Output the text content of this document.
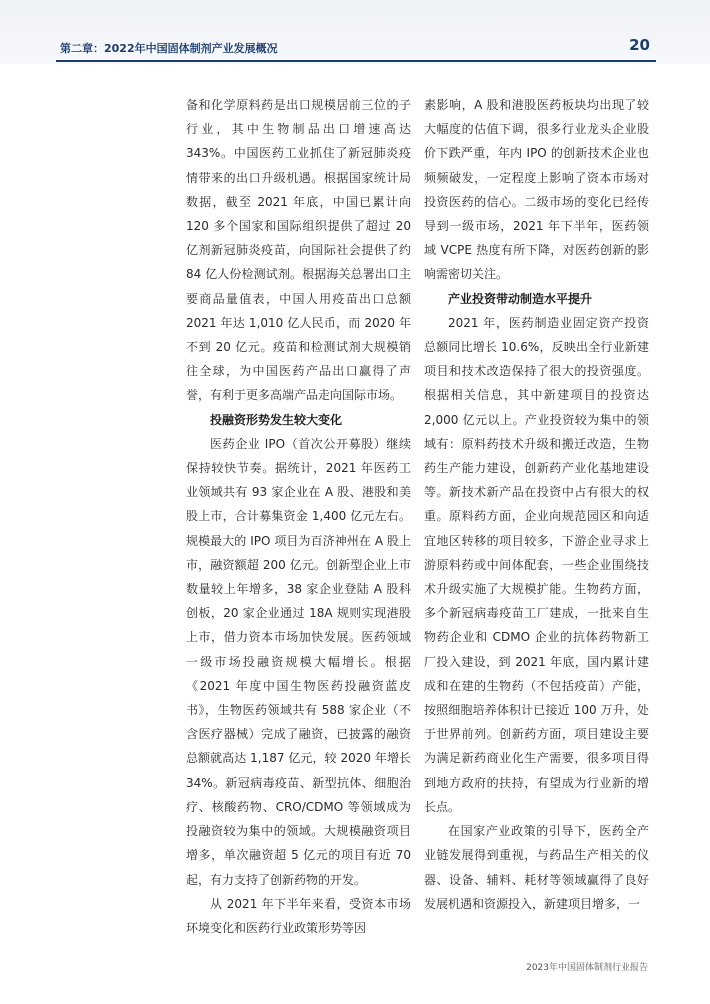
第二章：2022年中国固体制剂产业发展概况	20

备和化学原料药是出口规模居前三位的子行业，其中生物制品出口增速高达 343%。中国医药工业抓住了新冠肺炎疫情带来的出口升级机遇。根据国家统计局数据，截至 2021 年底，中国已累计向 120 多个国家和国际组织提供了超过 20 亿剂新冠肺炎疫苗，向国际社会提供了约 84 亿人份检测试剂。根据海关总署出口主要商品量值表，中国人用疫苗出口总额 2021 年达 1,010 亿人民币，而 2020 年不到 20 亿元。疫苗和检测试剂大规模销往全球，为中国医药产品出口赢得了声誉，有利于更多高端产品走向国际市场。

投融资形势发生较大变化

医药企业 IPO（首次公开募股）继续保持较快节奏。据统计，2021 年医药工业领域共有 93 家企业在 A 股、港股和美股上市，合计募集资金 1,400 亿元左右。规模最大的 IPO 项目为百济神州在 A 股上市，融资额超 200 亿元。创新型企业上市数量较上年增多，38 家企业登陆 A 股科创板，20 家企业通过 18A 规则实现港股上市，借力资本市场加快发展。医药领域一级市场投融资规模大幅增长。根据《2021 年度中国生物医药投融资蓝皮书》，生物医药领域共有 588 家企业（不含医疗器械）完成了融资，已披露的融资总额就高达 1,187 亿元，较 2020 年增长 34%。新冠病毒疫苗、新型抗体、细胞治疗、核酸药物、CRO/CDMO 等领域成为投融资较为集中的领域。大规模融资项目增多，单次融资超 5 亿元的项目有近 70 起，有力支持了创新药物的开发。

从 2021 年下半年来看，受资本市场环境变化和医药行业政策形势等因

素影响，A 股和港股医药板块均出现了较大幅度的估值下调，很多行业龙头企业股价下跌严重，年内 IPO 的创新技术企业也频频破发，一定程度上影响了资本市场对投资医药的信心。二级市场的变化已经传导到一级市场，2021 年下半年，医药领域 VCPE 热度有所下降，对医药创新的影响需密切关注。

产业投资带动制造水平提升

2021 年，医药制造业固定资产投资总额同比增长 10.6%，反映出全行业新建项目和技术改造保持了很大的投资强度。根据相关信息，其中新建项目的投资达 2,000 亿元以上。产业投资较为集中的领域有：原料药技术升级和搬迁改造，生物药生产能力建设，创新药产业化基地建设等。新技术新产品在投资中占有很大的权重。原料药方面，企业向规范园区和向适宜地区转移的项目较多，下游企业寻求上游原料药或中间体配套，一些企业围绕技术升级实施了大规模扩能。生物药方面，多个新冠病毒疫苗工厂建成，一批来自生物药企业和 CDMO 企业的抗体药物新工厂投入建设，到 2021 年底，国内累计建成和在建的生物药（不包括疫苗）产能，按照细胞培养体积计已接近 100 万升，处于世界前列。创新药方面，项目建设主要为满足新药商业化生产需要，很多项目得到地方政府的扶持，有望成为行业新的增长点。

在国家产业政策的引导下，医药全产业链发展得到重视，与药品生产相关的仪器、设备、辅料、耗材等领域赢得了良好发展机遇和资源投入，新建项目增多，一

2023年中国固体制剂行业报告
